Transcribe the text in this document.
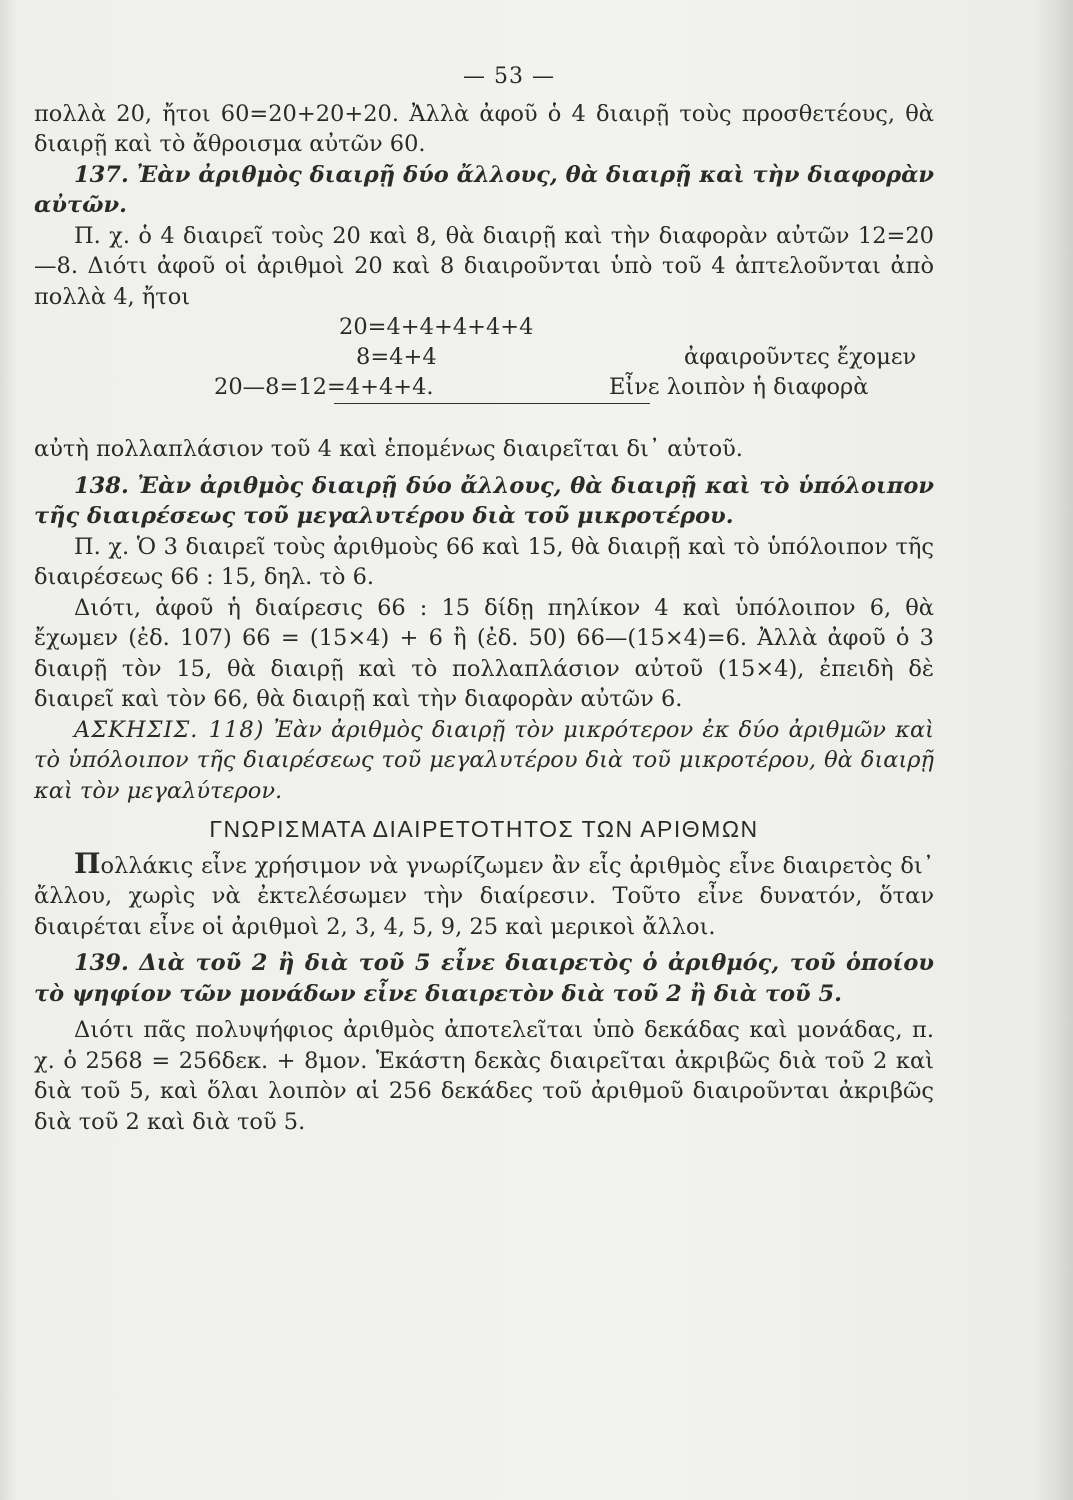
— 53 —

πολλὰ 20, ἤτοι 60=20+20+20. Ἀλλὰ ἀφοῦ ὁ 4 διαιρῇ τοὺς προσθετέους, θὰ διαιρῇ καὶ τὸ ἄθροισμα αὐτῶν 60.

137. Ἐὰν ἀριθμὸς διαιρῇ δύο ἄλλους, θὰ διαιρῇ καὶ τὴν διαφορὰν αὐτῶν.

Π. χ. ὁ 4 διαιρεῖ τοὺς 20 καὶ 8, θὰ διαιρῇ καὶ τὴν διαφορὰν αὐτῶν 12=20—8. Διότι ἀφοῦ οἱ ἀριθμοὶ 20 καὶ 8 διαιροῦνται ὑπὸ τοῦ 4 ἀπτελοῦνται ἀπὸ πολλὰ 4, ἤτοι

20=4+4+4+4+4
8=4+4	ἀφαιροῦντες ἔχομεν
20—8=12=4+4+4.	Εἶνε λοιπὸν ἡ διαφορὰ

αὐτὴ πολλαπλάσιον τοῦ 4 καὶ ἑπομένως διαιρεῖται δι᾽ αὐτοῦ.

138. Ἐὰν ἀριθμὸς διαιρῇ δύο ἄλλους, θὰ διαιρῇ καὶ τὸ ὑπόλοιπον τῆς διαιρέσεως τοῦ μεγαλυτέρου διὰ τοῦ μικροτέρου.

Π. χ. Ὁ 3 διαιρεῖ τοὺς ἀριθμοὺς 66 καὶ 15, θὰ διαιρῇ καὶ τὸ ὑπόλοιπον τῆς διαιρέσεως 66 : 15, δηλ. τὸ 6.

Διότι, ἀφοῦ ἡ διαίρεσις 66 : 15 δίδῃ πηλίκον 4 καὶ ὑπόλοιπον 6, θὰ ἔχωμεν (ἐδ. 107) 66 = (15×4) + 6 ἢ (ἐδ. 50) 66—(15×4)=6. Ἀλλὰ ἀφοῦ ὁ 3 διαιρῇ τὸν 15, θὰ διαιρῇ καὶ τὸ πολλαπλάσιον αὐτοῦ (15×4), ἐπειδὴ δὲ διαιρεῖ καὶ τὸν 66, θὰ διαιρῇ καὶ τὴν διαφορὰν αὐτῶν 6.

ΑΣΚΗΣΙΣ. 118) Ἐὰν ἀριθμὸς διαιρῇ τὸν μικρότερον ἐκ δύο ἀριθμῶν καὶ τὸ ὑπόλοιπον τῆς διαιρέσεως τοῦ μεγαλυτέρου διὰ τοῦ μικροτέρου, θὰ διαιρῇ καὶ τὸν μεγαλύτερον.

ΓΝΩΡΙΣΜΑΤΑ ΔΙΑΙΡΕΤΟΤΗΤΟΣ ΤΩΝ ΑΡΙΘΜΩΝ

Πολλάκις εἶνε χρήσιμον νὰ γνωρίζωμεν ἂν εἷς ἀριθμὸς εἶνε διαιρετὸς δι᾽ ἄλλου, χωρὶς νὰ ἐκτελέσωμεν τὴν διαίρεσιν. Τοῦτο εἶνε δυνατόν, ὅταν διαιρέται εἶνε οἱ ἀριθμοὶ 2, 3, 4, 5, 9, 25 καὶ μερικοὶ ἄλλοι.

139. Διὰ τοῦ 2 ἢ διὰ τοῦ 5 εἶνε διαιρετὸς ὁ ἀριθμός, τοῦ ὁποίου τὸ ψηφίον τῶν μονάδων εἶνε διαιρετὸν διὰ τοῦ 2 ἢ διὰ τοῦ 5.

Διότι πᾶς πολυψήφιος ἀριθμὸς ἀποτελεῖται ὑπὸ δεκάδας καὶ μονάδας, π. χ. ὁ 2568 = 256δεκ. + 8μον. Ἑκάστη δεκὰς διαιρεῖται ἀκριβῶς διὰ τοῦ 2 καὶ διὰ τοῦ 5, καὶ ὅλαι λοιπὸν αἱ 256 δεκάδες τοῦ ἀριθμοῦ διαιροῦνται ἀκριβῶς διὰ τοῦ 2 καὶ διὰ τοῦ 5.
